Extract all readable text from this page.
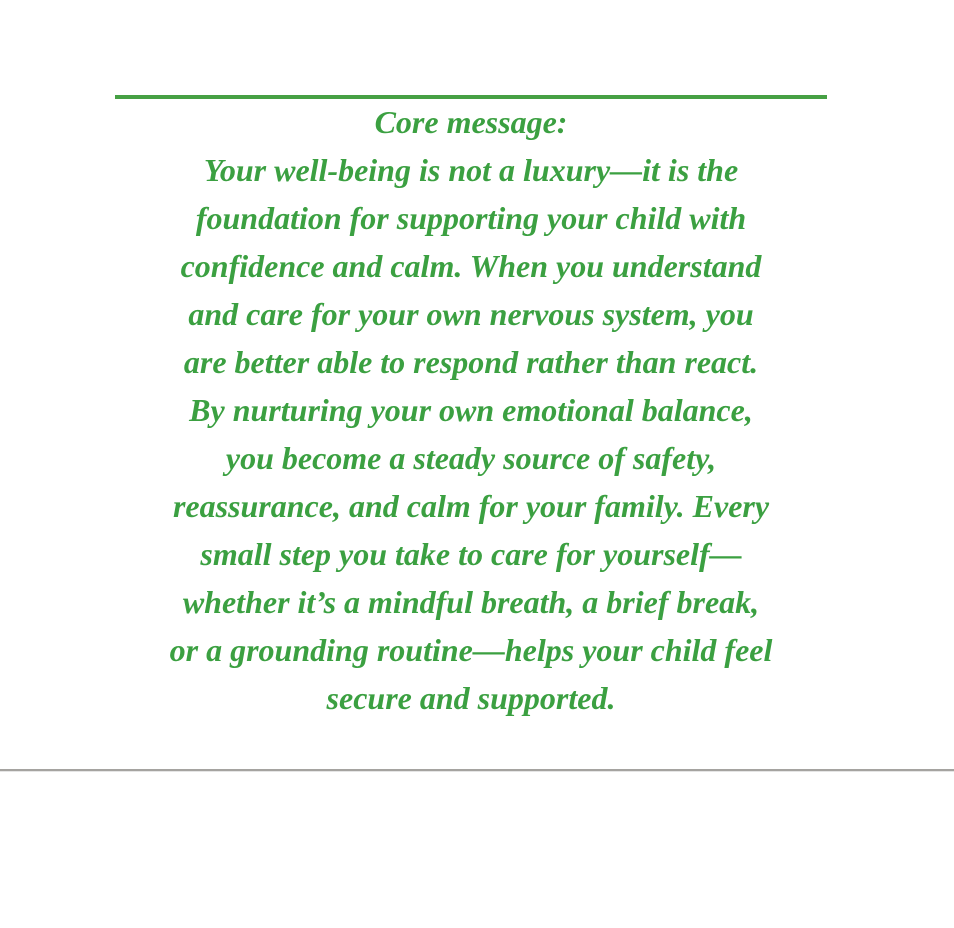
Core message:
Your well-being is not a luxury—it is the
foundation for supporting your child with
confidence and calm. When you understand
and care for your own nervous system, you
are better able to respond rather than react.
By nurturing your own emotional balance,
you become a steady source of safety,
reassurance, and calm for your family. Every
small step you take to care for yourself—
whether it’s a mindful breath, a brief break,
or a grounding routine—helps your child feel
secure and supported.
